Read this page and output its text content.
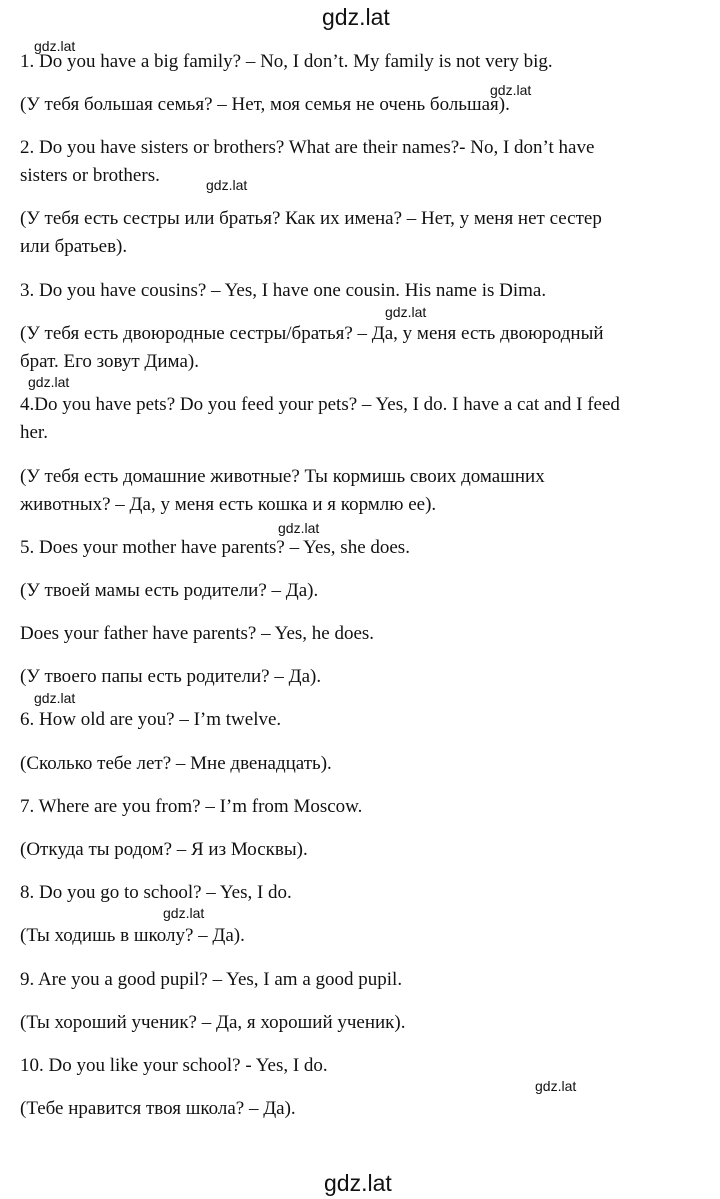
gdz.lat
gdz.lat
gdz.lat
gdz.lat
gdz.lat
gdz.lat
gdz.lat
gdz.lat
gdz.lat
gdz.lat
gdz.lat
1. Do you have a big family? – No, I don’t. My family is not very big.
(У тебя большая семья? – Нет, моя семья не очень большая).
2. Do you have sisters or brothers? What are their names?- No, I don’t have
sisters or brothers.
(У тебя есть сестры или братья? Как их имена? – Нет, у меня нет сестер
или братьев).
3. Do you have cousins? – Yes, I have one cousin. His name is Dima.
(У тебя есть двоюродные сестры/братья? – Да, у меня есть двоюродный
брат. Его зовут Дима).
4.Do you have pets? Do you feed your pets? – Yes, I do. I have a cat and I feed
her.
(У тебя есть домашние животные? Ты кормишь своих домашних
животных? – Да, у меня есть кошка и я кормлю ее).
5. Does your mother have parents? – Yes, she does.
(У твоей мамы есть родители? – Да).
Does your father have parents? – Yes, he does.
(У твоего папы есть родители? – Да).
6. How old are you? – I’m twelve.
(Сколько тебе лет? – Мне двенадцать).
7. Where are you from? – I’m from Moscow.
(Откуда ты родом? – Я из Москвы).
8. Do you go to school? – Yes, I do.
(Ты ходишь в школу? – Да).
9. Are you a good pupil? – Yes, I am a good pupil.
(Ты хороший ученик? – Да, я хороший ученик).
10. Do you like your school? - Yes, I do.
(Тебе нравится твоя школа? – Да).
